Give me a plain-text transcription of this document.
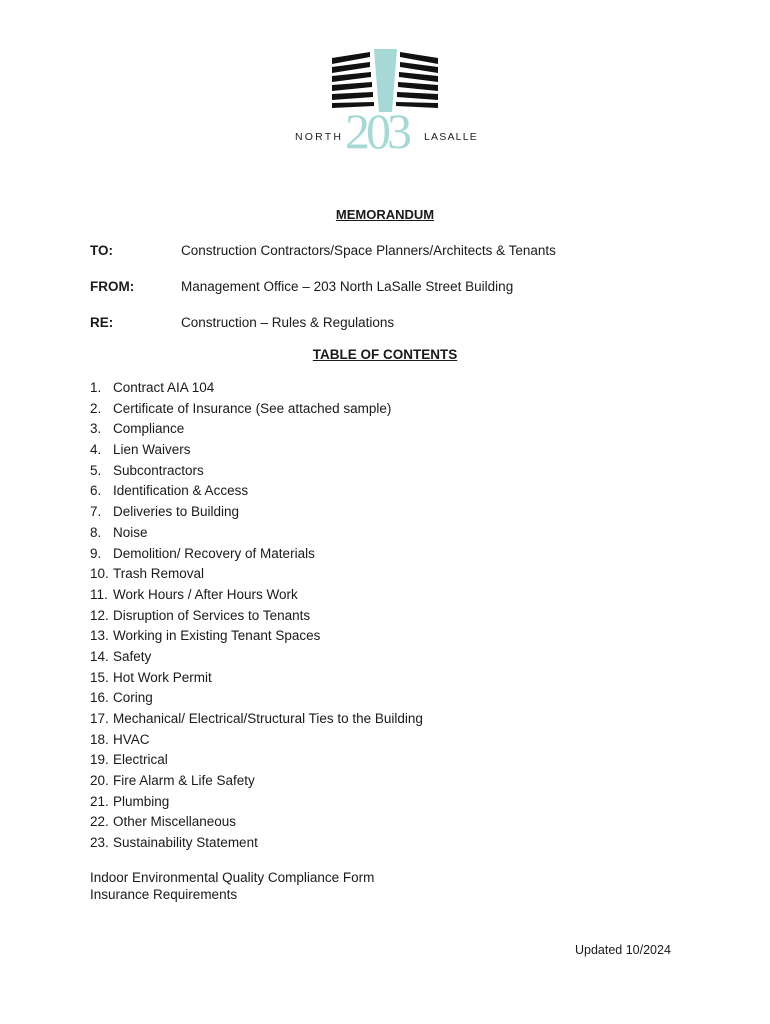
NORTH 203 LASALLE
MEMORANDUM
TO:	Construction Contractors/Space Planners/Architects & Tenants
FROM:	Management Office – 203 North LaSalle Street Building
RE:	Construction – Rules & Regulations
TABLE OF CONTENTS
1. Contract AIA 104
2. Certificate of Insurance (See attached sample)
3. Compliance
4. Lien Waivers
5. Subcontractors
6. Identification & Access
7. Deliveries to Building
8. Noise
9. Demolition/ Recovery of Materials
10. Trash Removal
11. Work Hours / After Hours Work
12. Disruption of Services to Tenants
13. Working in Existing Tenant Spaces
14. Safety
15. Hot Work Permit
16. Coring
17. Mechanical/ Electrical/Structural Ties to the Building
18. HVAC
19. Electrical
20. Fire Alarm & Life Safety
21. Plumbing
22. Other Miscellaneous
23. Sustainability Statement
Indoor Environmental Quality Compliance Form
Insurance Requirements
Updated 10/2024
